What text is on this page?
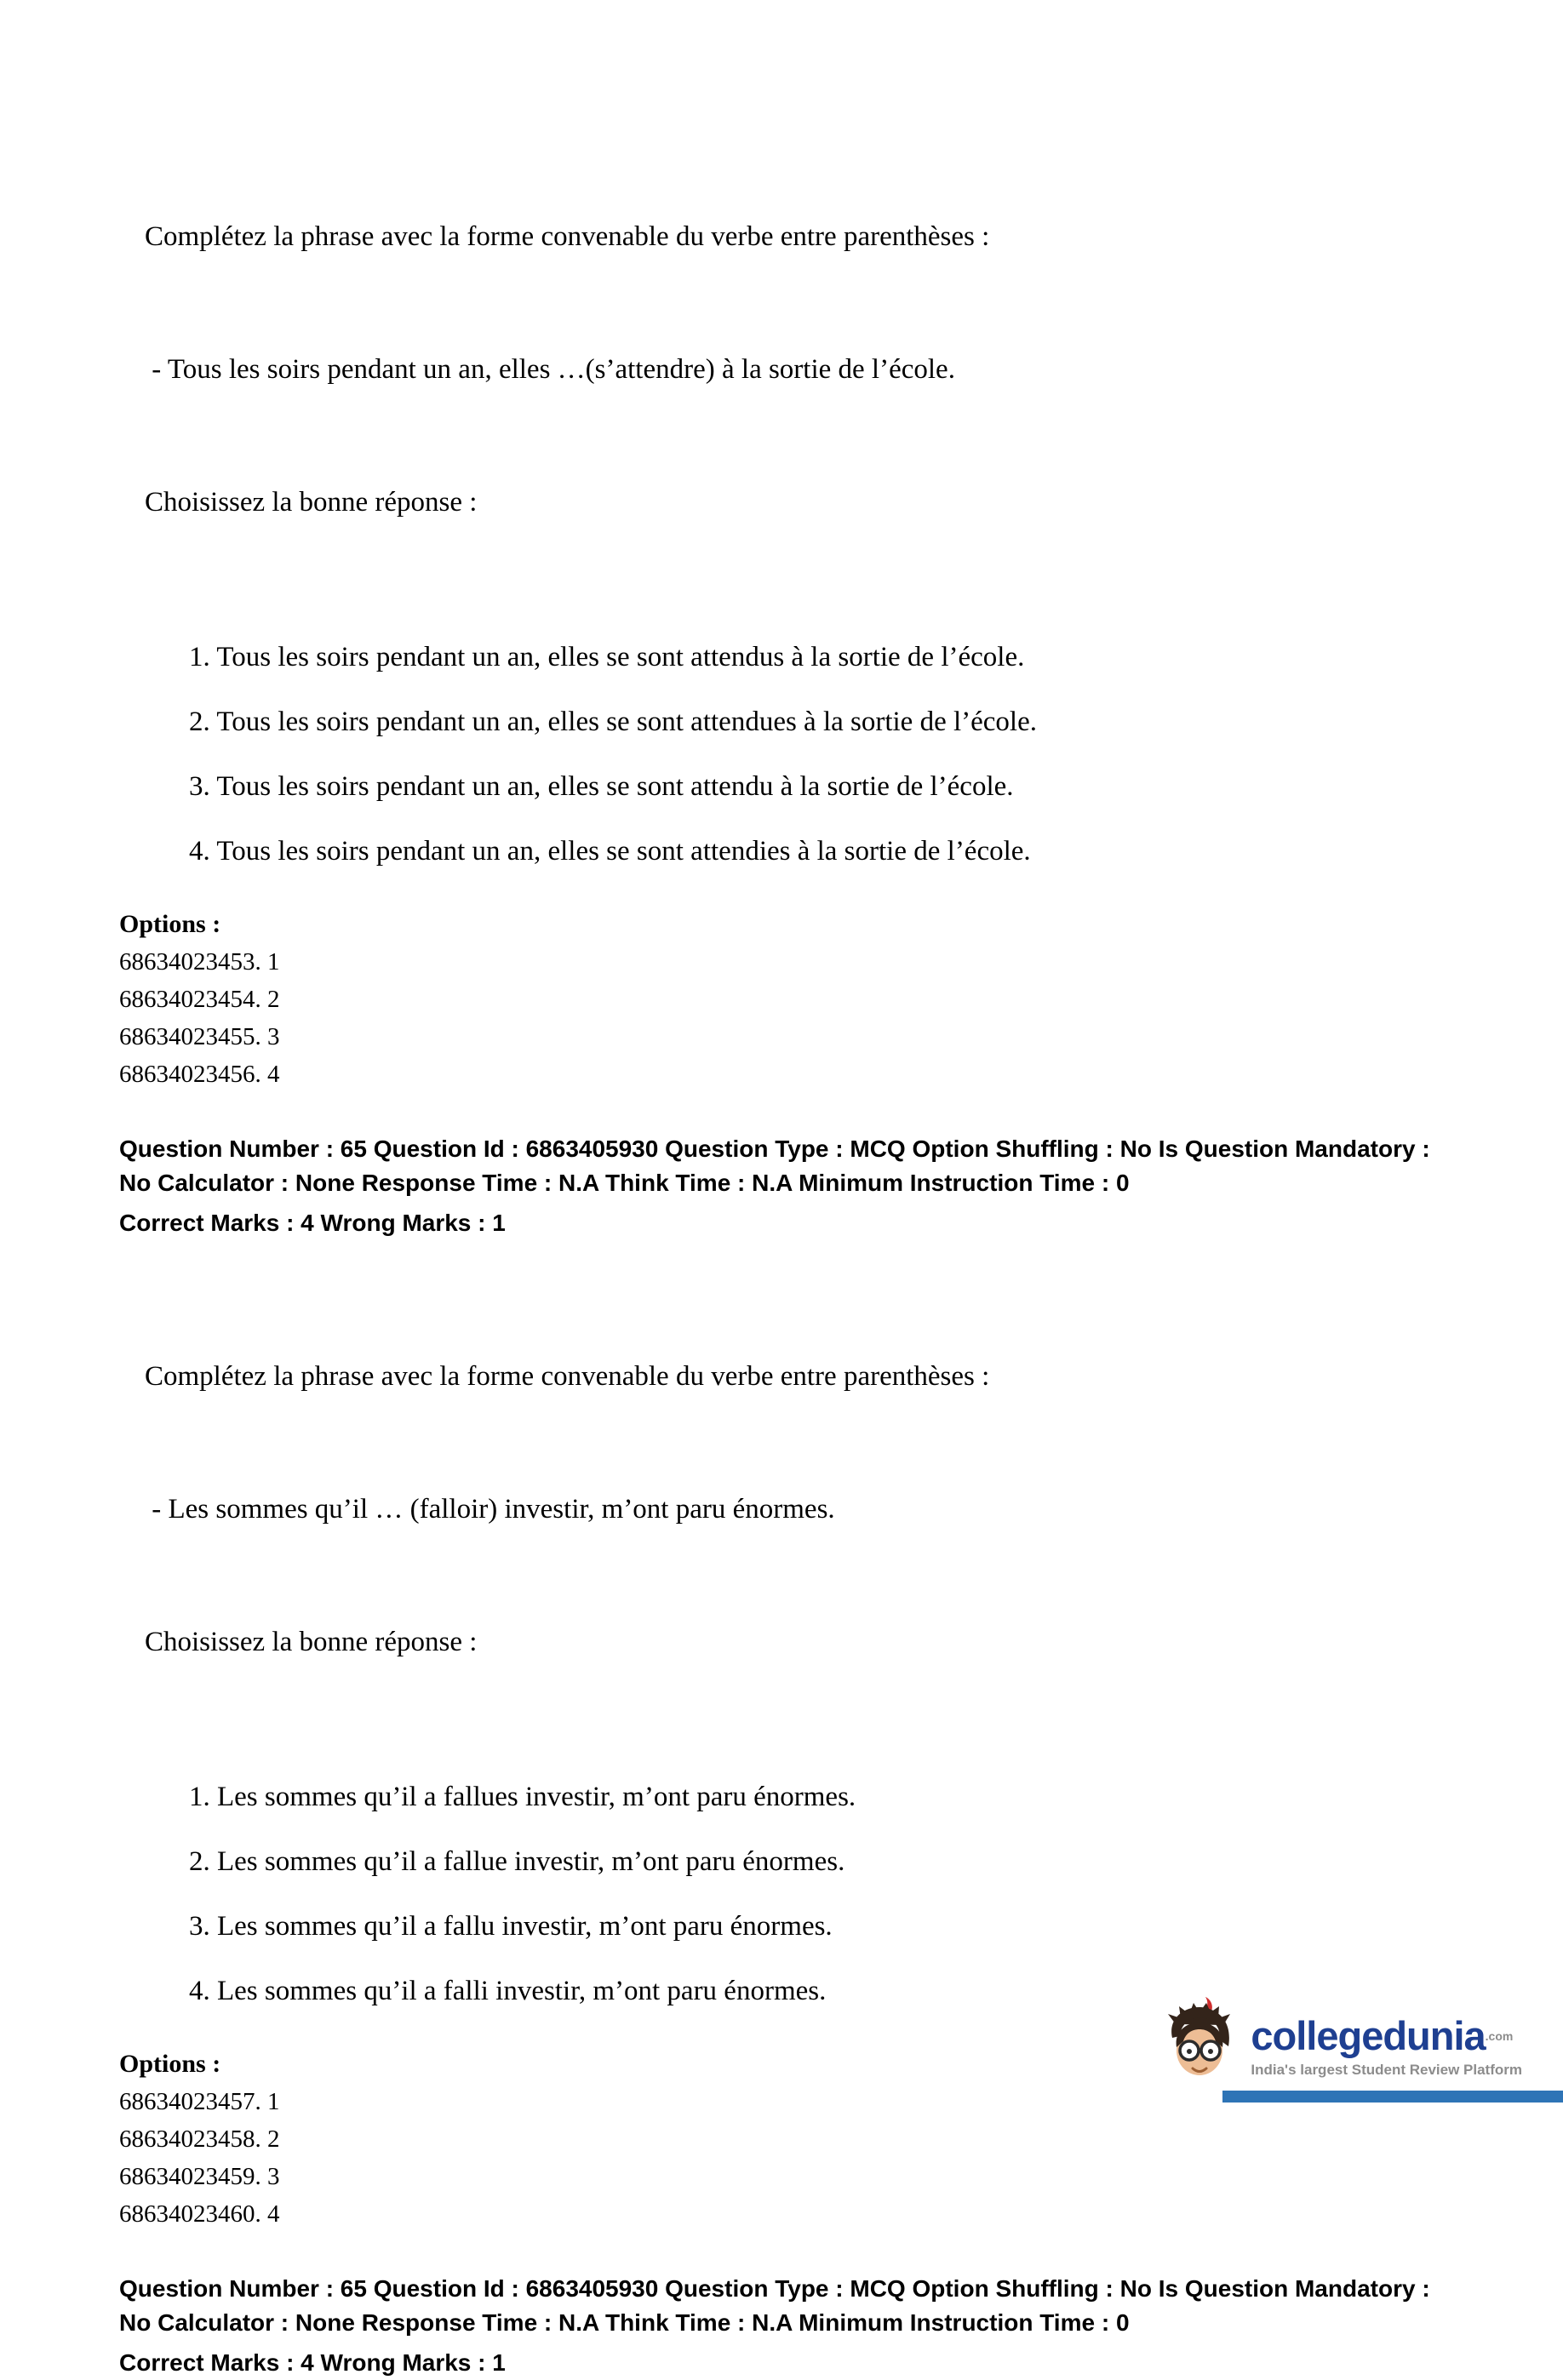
Complétez la phrase avec la forme convenable du verbe entre parenthèses :

- Tous les soirs pendant un an, elles …(s’attendre) à la sortie de l’école.

Choisissez la bonne réponse :

1. Tous les soirs pendant un an, elles se sont attendus à la sortie de l’école.
2. Tous les soirs pendant un an, elles se sont attendues à la sortie de l’école.
3. Tous les soirs pendant un an, elles se sont attendu à la sortie de l’école.
4. Tous les soirs pendant un an, elles se sont attendies à la sortie de l’école.
Options :
68634023453. 1
68634023454. 2
68634023455. 3
68634023456. 4
Question Number : 65 Question Id : 6863405930 Question Type : MCQ Option Shuffling : No Is Question Mandatory :
No Calculator : None Response Time : N.A Think Time : N.A Minimum Instruction Time : 0
Correct Marks : 4 Wrong Marks : 1

Complétez la phrase avec la forme convenable du verbe entre parenthèses :

- Les sommes qu’il … (falloir) investir, m’ont paru énormes.

Choisissez la bonne réponse :

1. Les sommes qu’il a fallues investir, m’ont paru énormes.
2. Les sommes qu’il a fallue investir, m’ont paru énormes.
3. Les sommes qu’il a fallu investir, m’ont paru énormes.
4. Les sommes qu’il a falli investir, m’ont paru énormes.
Options :
68634023457. 1
68634023458. 2
68634023459. 3
68634023460. 4
Question Number : 65 Question Id : 6863405930 Question Type : MCQ Option Shuffling : No Is Question Mandatory :
No Calculator : None Response Time : N.A Think Time : N.A Minimum Instruction Time : 0
Correct Marks : 4 Wrong Marks : 1
collegedunia$^{.com}$
India's largest Student Review Platform
